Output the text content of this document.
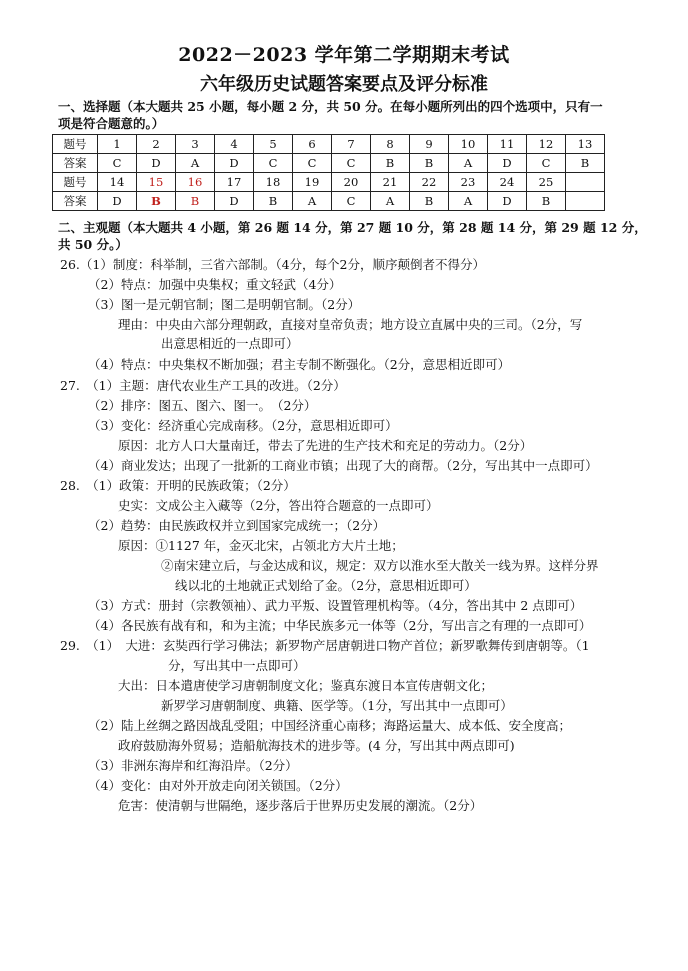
2022－2023 学年第二学期期末考试
六年级历史试题答案要点及评分标准
一、选择题（本大题共 25 小题，每小题 2 分，共 50 分。在每小题所列出的四个选项中，只有一
项是符合题意的。）
题号	1	2	3	4	5	6	7	8	9	10	11	12	13
答案	C	D	A	D	C	C	C	B	B	A	D	C	B
题号	14	15	16	17	18	19	20	21	22	23	24	25	
答案	D	B	B	D	B	A	C	A	B	A	D	B	
二、主观题（本大题共 4 小题，第 26 题 14 分，第 27 题 10 分，第 28 题 14 分，第 29 题 12 分，
共 50 分。）
26.（1）制度：科举制，三省六部制。（4分，每个2分，顺序颠倒者不得分）
（2）特点：加强中央集权；重文轻武（4分）
（3）图一是元朝官制；图二是明朝官制。（2分）
理由：中央由六部分理朝政，直接对皇帝负责；地方设立直属中央的三司。（2分，写
出意思相近的一点即可）
（4）特点：中央集权不断加强；君主专制不断强化。（2分，意思相近即可）
27.　（1）主题：唐代农业生产工具的改进。（2分）
（2）排序：图五、图六、图一。　（2分）
（3）变化：经济重心完成南移。（2分，意思相近即可）
原因：北方人口大量南迁，带去了先进的生产技术和充足的劳动力。（2分）
（4）商业发达；出现了一批新的工商业市镇；出现了大的商帮。（2分，写出其中一点即可）
28.　（1）政策：开明的民族政策；（2分）
史实：文成公主入藏等（2分，答出符合题意的一点即可）
（2）趋势：由民族政权并立到国家完成统一；（2分）
原因：①1127 年，金灭北宋，占领北方大片土地；
②南宋建立后，与金达成和议，规定：双方以淮水至大散关一线为界。这样分界
线以北的土地就正式划给了金。（2分，意思相近即可）
（3）方式：册封（宗教领袖）、武力平叛、设置管理机构等。（4分，答出其中 2 点即可）
（4）各民族有战有和，和为主流；中华民族多元一体等（2分，写出言之有理的一点即可）
29.　（1）　大进：玄奘西行学习佛法；新罗物产居唐朝进口物产首位；新罗歌舞传到唐朝等。（1
分，写出其中一点即可）
大出：日本遣唐使学习唐朝制度文化；鉴真东渡日本宣传唐朝文化；
新罗学习唐朝制度、典籍、医学等。（1分，写出其中一点即可）
（2）陆上丝绸之路因战乱受阻；中国经济重心南移；海路运量大、成本低、安全度高；
政府鼓励海外贸易；造船航海技术的进步等。(4 分，写出其中两点即可)
（3）非洲东海岸和红海沿岸。（2分）
（4）变化：由对外开放走向闭关锁国。（2分）
危害：使清朝与世隔绝，逐步落后于世界历史发展的潮流。（2分）
